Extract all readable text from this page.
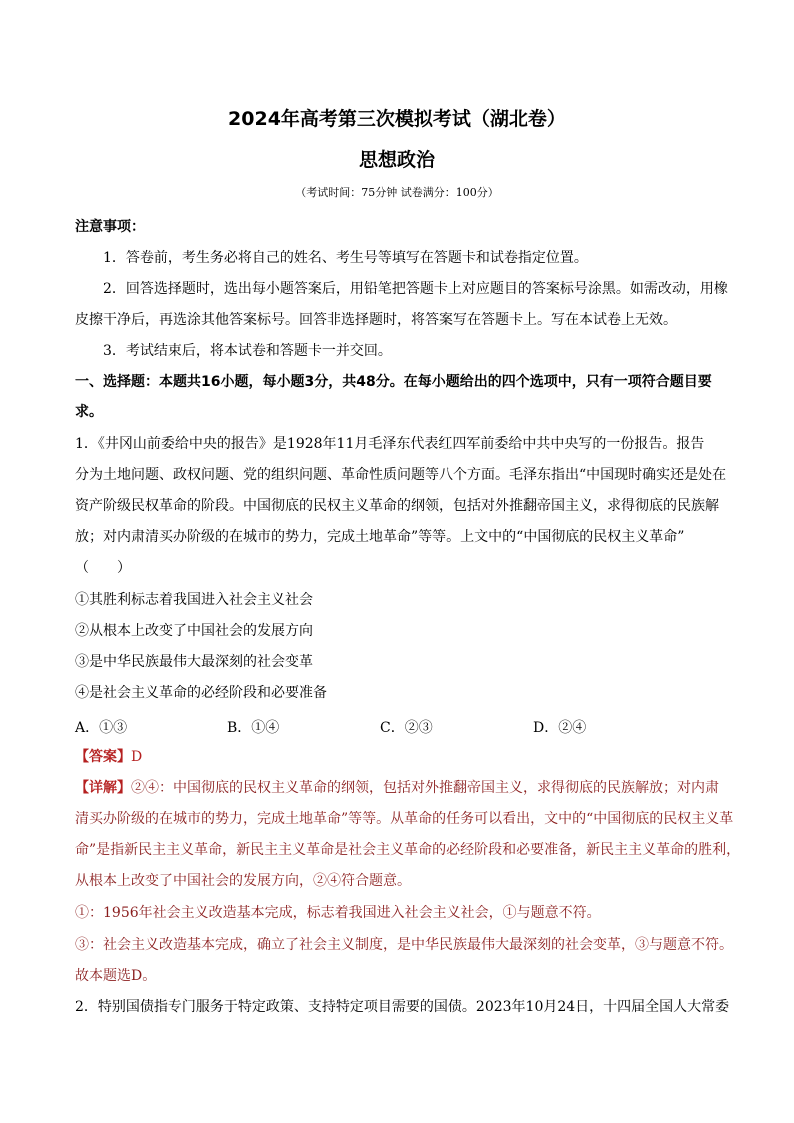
2024年高考第三次模拟考试（湖北卷）
思想政治
（考试时间：75分钟 试卷满分：100分）
注意事项：
1．答卷前，考生务必将自己的姓名、考生号等填写在答题卡和试卷指定位置。
2．回答选择题时，选出每小题答案后，用铅笔把答题卡上对应题目的答案标号涂黑。如需改动，用橡
皮擦干净后，再选涂其他答案标号。回答非选择题时，将答案写在答题卡上。写在本试卷上无效。
3．考试结束后，将本试卷和答题卡一并交回。
一、选择题：本题共16小题，每小题3分，共48分。在每小题给出的四个选项中，只有一项符合题目要
求。
1．《井冈山前委给中央的报告》是1928年11月毛泽东代表红四军前委给中共中央写的一份报告。报告
分为土地问题、政权问题、党的组织问题、革命性质问题等八个方面。毛泽东指出“中国现时确实还是处在
资产阶级民权革命的阶段。中国彻底的民权主义革命的纲领，包括对外推翻帝国主义，求得彻底的民族解
放；对内肃清买办阶级的在城市的势力，完成土地革命”等等。上文中的“中国彻底的民权主义革命”
（　　）
①其胜利标志着我国进入社会主义社会
②从根本上改变了中国社会的发展方向
③是中华民族最伟大最深刻的社会变革
④是社会主义革命的必经阶段和必要准备
A．①③	B．①④	C．②③	D．②④
【答案】D
【详解】②④：中国彻底的民权主义革命的纲领，包括对外推翻帝国主义，求得彻底的民族解放；对内肃
清买办阶级的在城市的势力，完成土地革命”等等。从革命的任务可以看出，文中的“中国彻底的民权主义革
命”是指新民主主义革命，新民主主义革命是社会主义革命的必经阶段和必要准备，新民主主义革命的胜利，
从根本上改变了中国社会的发展方向，②④符合题意。
①：1956年社会主义改造基本完成，标志着我国进入社会主义社会，①与题意不符。
③：社会主义改造基本完成，确立了社会主义制度，是中华民族最伟大最深刻的社会变革，③与题意不符。
故本题选D。
2．特别国债指专门服务于特定政策、支持特定项目需要的国债。2023年10月24日，十四届全国人大常委
